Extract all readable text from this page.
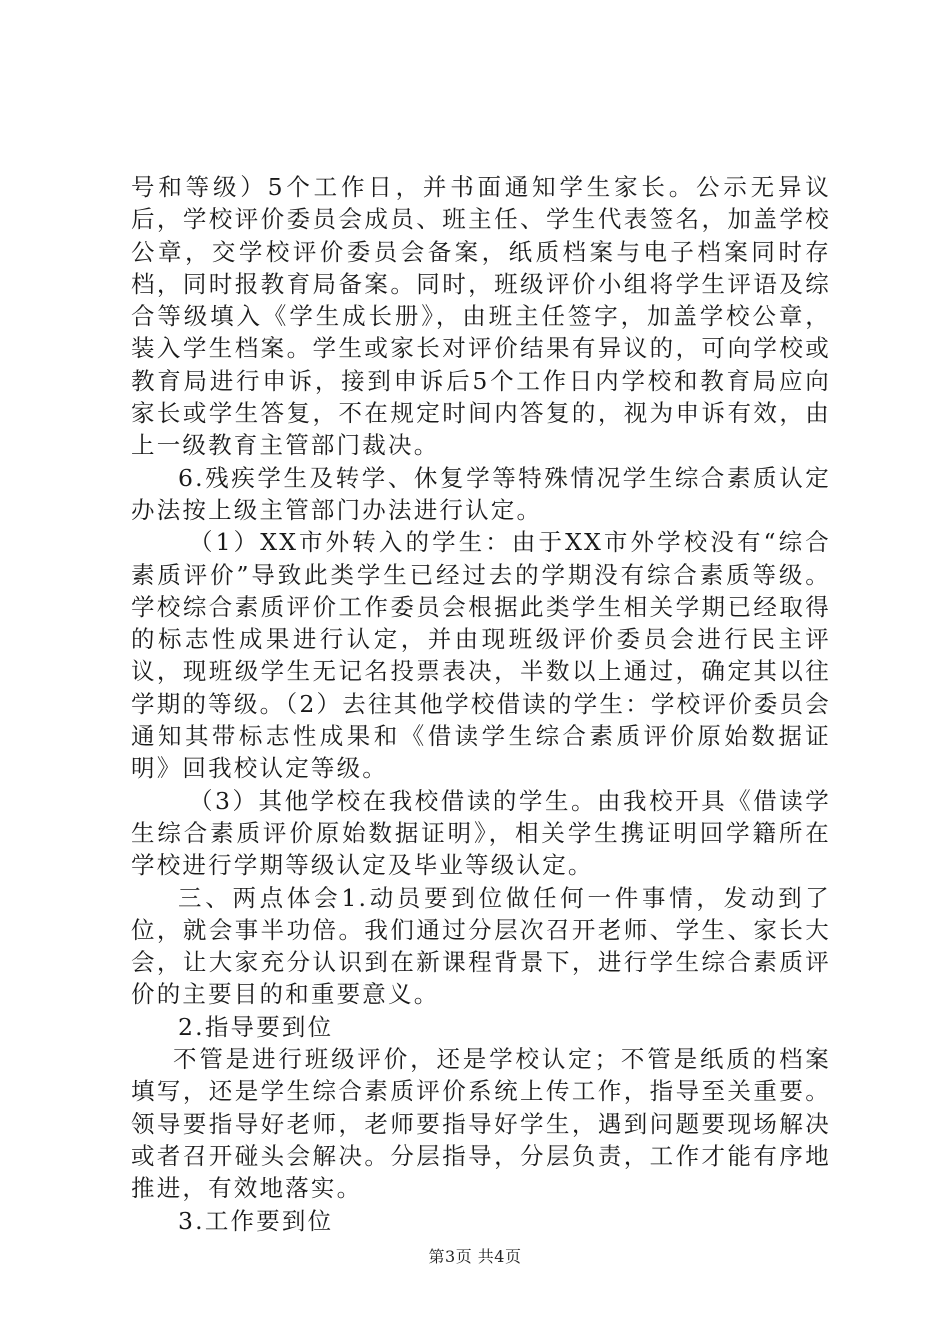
号和等级）5个工作日，并书面通知学生家长。公示无异议后，学校评价委员会成员、班主任、学生代表签名，加盖学校公章，交学校评价委员会备案，纸质档案与电子档案同时存档，同时报教育局备案。同时，班级评价小组将学生评语及综合等级填入《学生成长册》，由班主任签字，加盖学校公章，装入学生档案。学生或家长对评价结果有异议的，可向学校或教育局进行申诉，接到申诉后5个工作日内学校和教育局应向家长或学生答复，不在规定时间内答复的，视为申诉有效，由上一级教育主管部门裁决。

6.残疾学生及转学、休复学等特殊情况学生综合素质认定办法按上级主管部门办法进行认定。

（1）XX市外转入的学生：由于XX市外学校没有“综合素质评价”导致此类学生已经过去的学期没有综合素质等级。学校综合素质评价工作委员会根据此类学生相关学期已经取得的标志性成果进行认定，并由现班级评价委员会进行民主评议，现班级学生无记名投票表决，半数以上通过，确定其以往学期的等级。（2）去往其他学校借读的学生：学校评价委员会通知其带标志性成果和《借读学生综合素质评价原始数据证明》回我校认定等级。

（3）其他学校在我校借读的学生。由我校开具《借读学生综合素质评价原始数据证明》，相关学生携证明回学籍所在学校进行学期等级认定及毕业等级认定。

三、两点体会1.动员要到位做任何一件事情，发动到了位，就会事半功倍。我们通过分层次召开老师、学生、家长大会，让大家充分认识到在新课程背景下，进行学生综合素质评价的主要目的和重要意义。

2.指导要到位

不管是进行班级评价，还是学校认定；不管是纸质的档案填写，还是学生综合素质评价系统上传工作，指导至关重要。领导要指导好老师，老师要指导好学生，遇到问题要现场解决或者召开碰头会解决。分层指导，分层负责，工作才能有序地推进，有效地落实。

3.工作要到位

第3页 共4页
